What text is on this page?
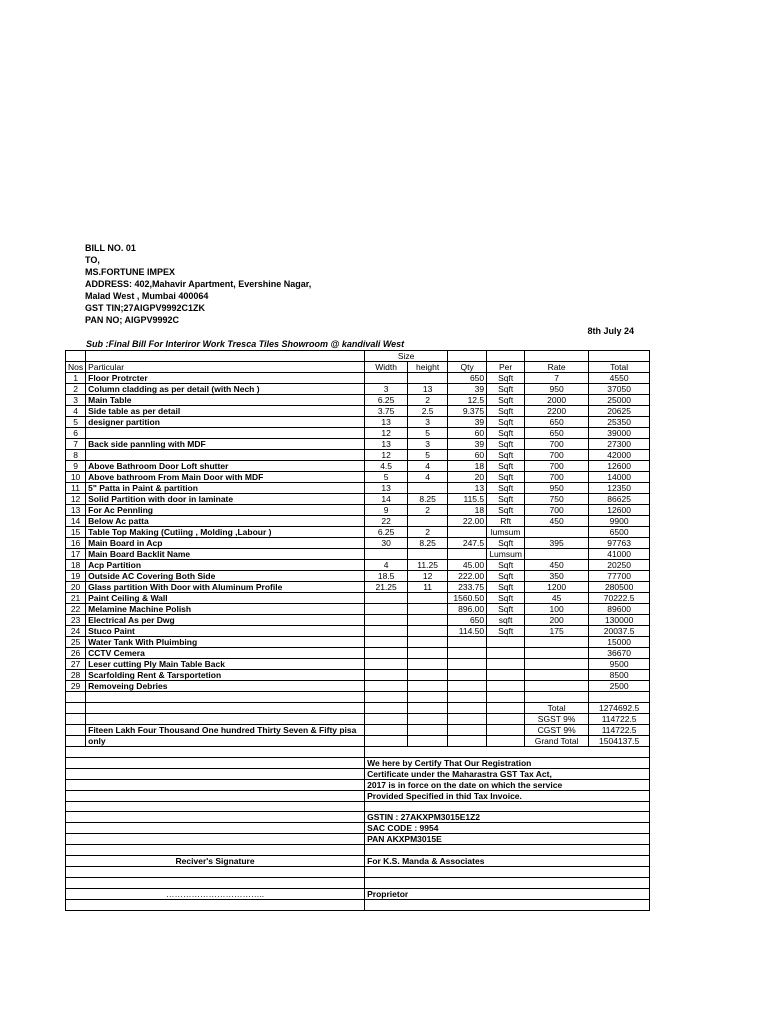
BILL NO. 01
TO,
MS.FORTUNE IMPEX
ADDRESS: 402,Mahavir Apartment, Evershine Nagar,
Malad West , Mumbai 400064
GST TIN;27AIGPV9992C1ZK
PAN NO; AIGPV9992C
8th July 24
Sub :Final Bill For Interiror Work Tresca Tiles Showroom @ kandivali West
		Size					
Nos	Particular	Width	height	Qty	Per	Rate	Total
1	Floor Protrcter			650	Sqft	7	4550
2	Column cladding as per detail (with Nech )	3	13	39	Sqft	950	37050
3	Main Table	6.25	2	12.5	Sqft	2000	25000
4	Side table as per detail	3.75	2.5	9.375	Sqft	2200	20625
5	designer partition	13	3	39	Sqft	650	25350
6		12	5	60	Sqft	650	39000
7	Back side pannling with MDF	13	3	39	Sqft	700	27300
8		12	5	60	Sqft	700	42000
9	Above Bathroom Door Loft shutter	4.5	4	18	Sqft	700	12600
10	Above bathroom From Main Door with MDF	5	4	20	Sqft	700	14000
11	5" Patta in Paint & partition	13		13	Sqft	950	12350
12	Solid Partition with door in laminate	14	8.25	115.5	Sqft	750	86625
13	For Ac Pennling	9	2	18	Sqft	700	12600
14	Below Ac patta	22		22.00	Rft	450	9900
15	Table Top Making (Cutiing , Molding ,Labour )	6.25	2		lumsum		6500
16	Main Board in Acp	30	8.25	247.5	Sqft	395	97763
17	Main Board Backlit Name				Lumsum		41000
18	Acp Partition	4	11.25	45.00	Sqft	450	20250
19	Outside AC Covering Both Side	18.5	12	222.00	Sqft	350	77700
20	Glass partition With Door with Aluminum Profile	21.25	11	233.75	Sqft	1200	280500
21	Paint Ceiling & Wall			1560.50	Sqft	45	70222.5
22	Melamine Machine Polish			896.00	Sqft	100	89600
23	Electrical As per Dwg			650	sqft	200	130000
24	Stuco Paint			114.50	Sqft	175	20037.5
25	Water Tank With Pluimbing						15000
26	CCTV Cemera						36670
27	Leser cutting Ply Main Table Back						9500
28	Scarfolding Rent & Tarsportetion						8500
29	Removeing Debries						2500

						Total	1274692.5
						SGST 9%	114722.5
	Fiteen Lakh Four Thousand One hundred Thirty Seven & Fifty pisa					CGST 9%	114722.5
	only					Grand Total	1504137.5

		We here by Certify That Our Registration					
		Certificate under the Maharastra GST Tax Act,					
		2017 is in force on the date on which the service					
		Provided Specified in thid Tax Invoice.					

		GSTIN : 27AKXPM3015E1Z2					
		SAC CODE : 9954					
		PAN AKXPM3015E					

Reciver's Signature		For K.S. Manda & Associates					

……………………………..		Proprietor					
